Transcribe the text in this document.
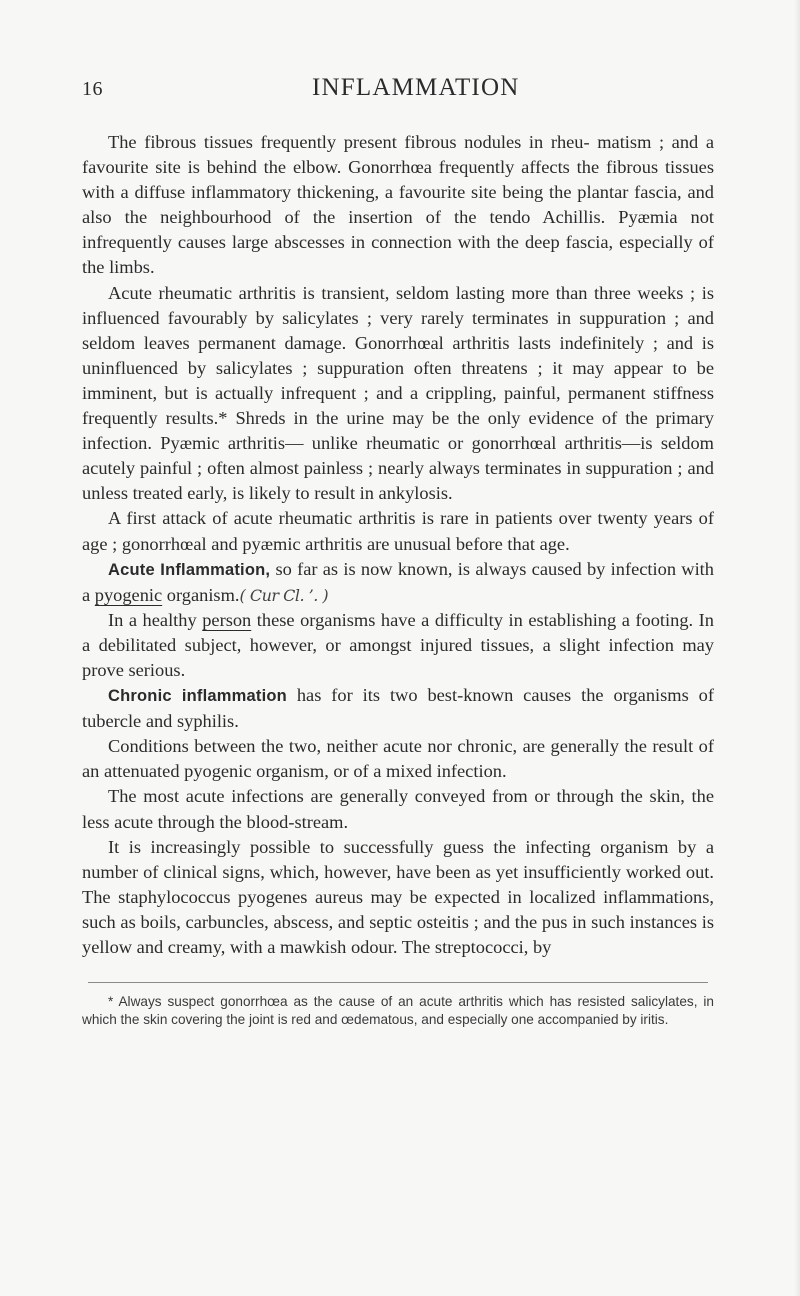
16	INFLAMMATION

The fibrous tissues frequently present fibrous nodules in rheu- matism ; and a favourite site is behind the elbow. Gonorrhœa frequently affects the fibrous tissues with a diffuse inflammatory thickening, a favourite site being the plantar fascia, and also the neighbourhood of the insertion of the tendo Achillis. Pyæmia not infrequently causes large abscesses in connection with the deep fascia, especially of the limbs.

Acute rheumatic arthritis is transient, seldom lasting more than three weeks ; is influenced favourably by salicylates ; very rarely terminates in suppuration ; and seldom leaves permanent damage. Gonorrhœal arthritis lasts indefinitely ; and is uninfluenced by salicylates ; suppuration often threatens ; it may appear to be imminent, but is actually infrequent ; and a crippling, painful, permanent stiffness frequently results.* Shreds in the urine may be the only evidence of the primary infection. Pyæmic arthritis— unlike rheumatic or gonorrhœal arthritis—is seldom acutely painful ; often almost painless ; nearly always terminates in suppuration ; and unless treated early, is likely to result in ankylosis.

A first attack of acute rheumatic arthritis is rare in patients over twenty years of age ; gonorrhœal and pyæmic arthritis are unusual before that age.

Acute Inflammation, so far as is now known, is always caused by infection with a pyogenic organism.( Cur Cl. ’. )

In a healthy person these organisms have a difficulty in establishing a footing. In a debilitated subject, however, or amongst injured tissues, a slight infection may prove serious.

Chronic inflammation has for its two best-known causes the organisms of tubercle and syphilis.

Conditions between the two, neither acute nor chronic, are generally the result of an attenuated pyogenic organism, or of a mixed infection.

The most acute infections are generally conveyed from or through the skin, the less acute through the blood-stream.

It is increasingly possible to successfully guess the infecting organism by a number of clinical signs, which, however, have been as yet insufficiently worked out. The staphylococcus pyogenes aureus may be expected in localized inflammations, such as boils, carbuncles, abscess, and septic osteitis ; and the pus in such instances is yellow and creamy, with a mawkish odour. The streptococci, by

* Always suspect gonorrhœa as the cause of an acute arthritis which has resisted salicylates, in which the skin covering the joint is red and œdematous, and especially one accompanied by iritis.
